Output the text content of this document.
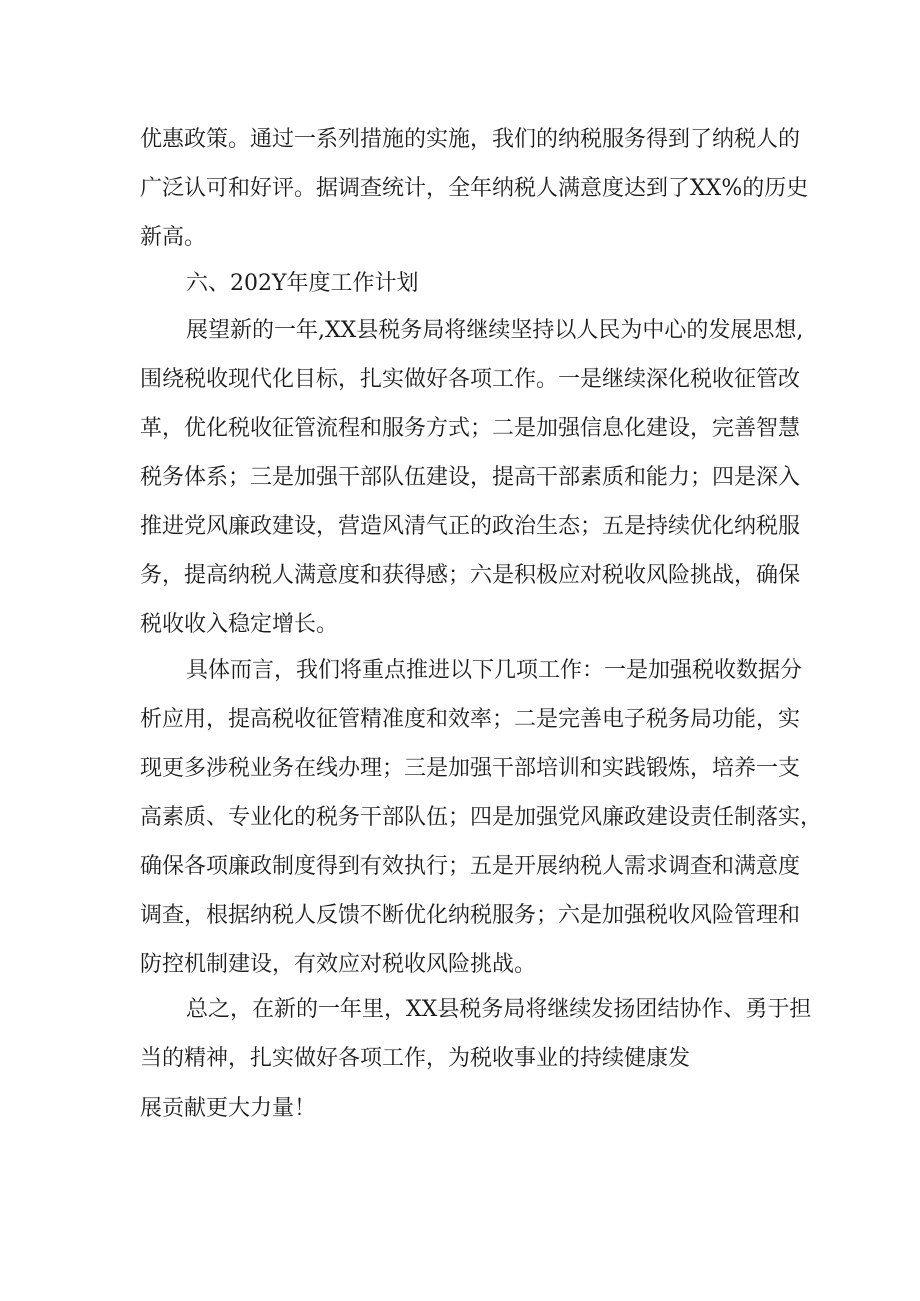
优惠政策。通过一系列措施的实施，我们的纳税服务得到了纳税人的

广泛认可和好评。据调查统计，全年纳税人满意度达到了XX%的历史

新高。

六、202Y年度工作计划

展望新的一年,XX县税务局将继续坚持以人民为中心的发展思想,

围绕税收现代化目标，扎实做好各项工作。一是继续深化税收征管改

革，优化税收征管流程和服务方式；二是加强信息化建设，完善智慧

税务体系；三是加强干部队伍建设，提高干部素质和能力；四是深入

推进党风廉政建设，营造风清气正的政治生态；五是持续优化纳税服

务，提高纳税人满意度和获得感；六是积极应对税收风险挑战，确保

税收收入稳定增长。

具体而言，我们将重点推进以下几项工作：一是加强税收数据分

析应用，提高税收征管精准度和效率；二是完善电子税务局功能，实

现更多涉税业务在线办理；三是加强干部培训和实践锻炼，培养一支

高素质、专业化的税务干部队伍；四是加强党风廉政建设责任制落实，

确保各项廉政制度得到有效执行；五是开展纳税人需求调查和满意度

调查，根据纳税人反馈不断优化纳税服务；六是加强税收风险管理和

防控机制建设，有效应对税收风险挑战。

总之，在新的一年里，XX县税务局将继续发扬团结协作、勇于担

当的精神，扎实做好各项工作，为税收事业的持续健康发

展贡献更大力量！
